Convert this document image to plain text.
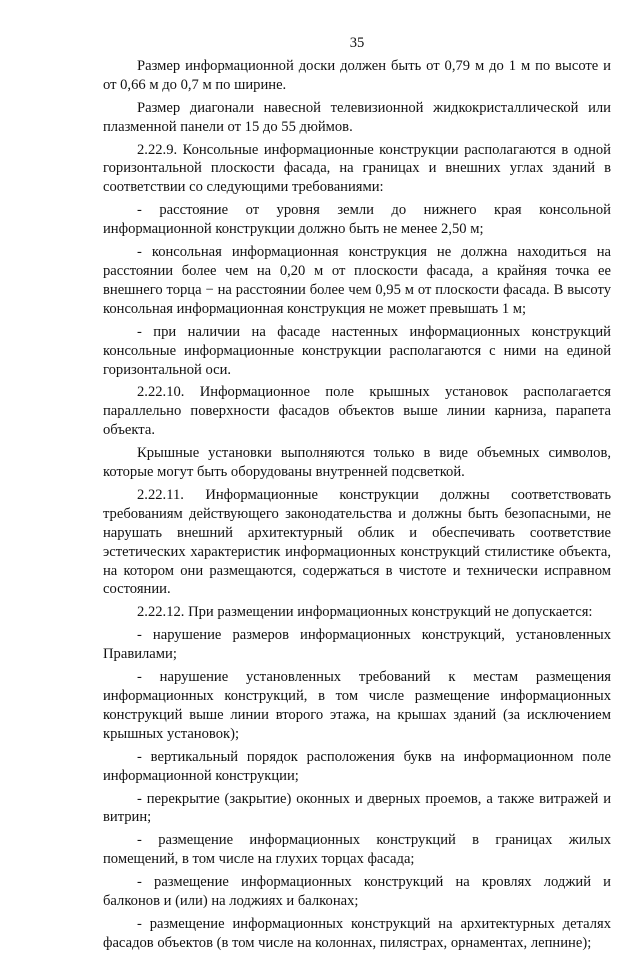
35

Размер информационной доски должен быть от 0,79 м до 1 м по высоте и от 0,66 м до 0,7 м по ширине.

Размер диагонали навесной телевизионной жидкокристаллической или плазменной панели от 15 до 55 дюймов.

2.22.9. Консольные информационные конструкции располагаются в одной горизонтальной плоскости фасада, на границах и внешних углах зданий в соответствии со следующими требованиями:

- расстояние от уровня земли до нижнего края консольной информационной конструкции должно быть не менее 2,50 м;

- консольная информационная конструкция не должна находиться на расстоянии более чем на 0,20 м от плоскости фасада, а крайняя точка ее внешнего торца − на расстоянии более чем 0,95 м от плоскости фасада. В высоту консольная информационная конструкция не может превышать 1 м;

- при наличии на фасаде настенных информационных конструкций консольные информационные конструкции располагаются с ними на единой горизонтальной оси.

2.22.10. Информационное поле крышных установок располагается параллельно поверхности фасадов объектов выше линии карниза, парапета объекта.

Крышные установки выполняются только в виде объемных символов, которые могут быть оборудованы внутренней подсветкой.

2.22.11. Информационные конструкции должны соответствовать требованиям действующего законодательства и должны быть безопасными, не нарушать внешний архитектурный облик и обеспечивать соответствие эстетических характеристик информационных конструкций стилистике объекта, на котором они размещаются, содержаться в чистоте и технически исправном состоянии.

2.22.12. При размещении информационных конструкций не допускается:

- нарушение размеров информационных конструкций, установленных Правилами;

- нарушение установленных требований к местам размещения информационных конструкций, в том числе размещение информационных конструкций выше линии второго этажа, на крышах зданий (за исключением крышных установок);

- вертикальный порядок расположения букв на информационном поле информационной конструкции;

- перекрытие (закрытие) оконных и дверных проемов, а также витражей и витрин;

- размещение информационных конструкций в границах жилых помещений, в том числе на глухих торцах фасада;

- размещение информационных конструкций на кровлях лоджий и балконов и (или) на лоджиях и балконах;

- размещение информационных конструкций на архитектурных деталях фасадов объектов (в том числе на колоннах, пилястрах, орнаментах, лепнине);
